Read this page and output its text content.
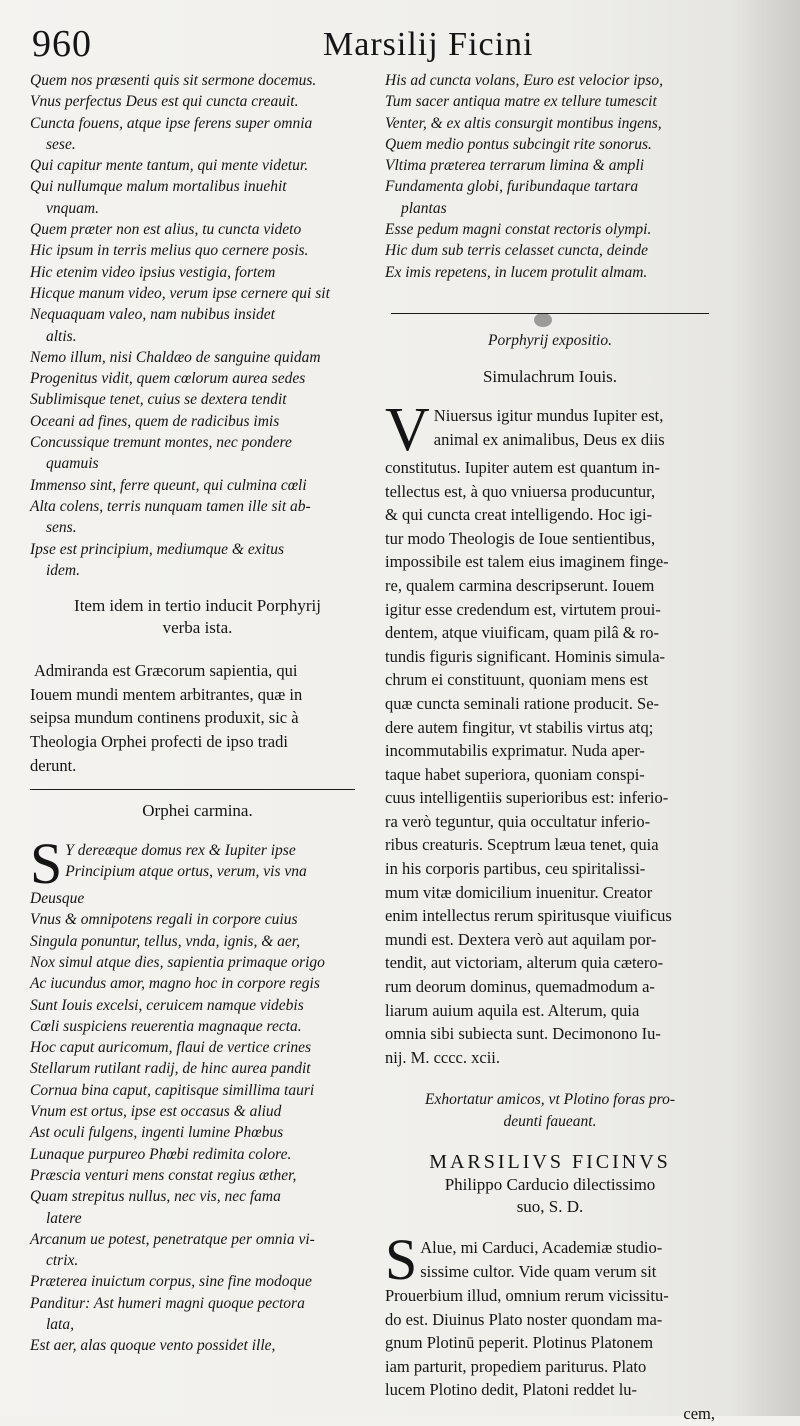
960	Marsilij Ficini
Quem nos præsenti quis sit sermone docemus.
Vnus perfectus Deus est qui cuncta creauit.
Cuncta fouens, atque ipse ferens super omnia
sese.
Qui capitur mente tantum, qui mente videtur.
Qui nullumque malum mortalibus inuehit
vnquam.
Quem præter non est alius, tu cuncta videto
Hic ipsum in terris melius quo cernere posis.
Hic etenim video ipsius vestigia, fortem
Hicque manum video, verum ipse cernere qui sit
Nequaquam valeo, nam nubibus insidet
altis.
Nemo illum, nisi Chaldæo de sanguine quidam
Progenitus vidit, quem cœlorum aurea sedes
Sublimisque tenet, cuius se dextera tendit
Oceani ad fines, quem de radicibus imis
Concussique tremunt montes, nec pondere
quamuis
Immenso sint, ferre queunt, qui culmina cœli
Alta colens, terris nunquam tamen ille sit ab-
sens.
Ipse est principium, mediumque & exitus
idem.
Item idem in tertio inducit Porphyrij
verba ista.
Admiranda est Græcorum sapientia, qui
Iouem mundi mentem arbitrantes, quæ in
seipsa mundum continens produxit, sic à
Theologia Orphei profecti de ipso tradi
derunt.
Orphei carmina.
S Y dereæque domus rex & Iupiter ipse
Principium atque ortus, verum, vis vna
Deusque
Vnus & omnipotens regali in corpore cuius
Singula ponuntur, tellus, vnda, ignis, & aer,
Nox simul atque dies, sapientia primaque origo
Ac iucundus amor, magno hoc in corpore regis
Sunt Iouis excelsi, ceruicem namque videbis
Cœli suspiciens reuerentia magnaque recta.
Hoc caput auricomum, flaui de vertice crines
Stellarum rutilant radij, de hinc aurea pandit
Cornua bina caput, capitisque simillima tauri
Vnum est ortus, ipse est occasus & aliud
Ast oculi fulgens, ingenti lumine Phœbus
Lunaque purpureo Phœbi redimita colore.
Præscia venturi mens constat regius æther,
Quam strepitus nullus, nec vis, nec fama
latere
Arcanum ue potest, penetratque per omnia vi-
ctrix.
Præterea inuictum corpus, sine fine modoque
Panditur: Ast humeri magni quoque pectora
lata,
Est aer, alas quoque vento possidet ille,
His ad cuncta volans, Euro est velocior ipso,
Tum sacer antiqua matre ex tellure tumescit
Venter, & ex altis consurgit montibus ingens,
Quem medio pontus subcingit rite sonorus.
Vltima præterea terrarum limina & ampli
Fundamenta globi, furibundaque tartara
plantas
Esse pedum magni constat rectoris olympi.
Hic dum sub terris celasset cuncta, deinde
Ex imis repetens, in lucem protulit almam.
Porphyrij expositio.
Simulachrum Iouis.
V Niuersus igitur mundus Iupiter est,
animal ex animalibus, Deus ex diis
constitutus. Iupiter autem est quantum in-
tellectus est, à quo vniuersa producuntur,
& qui cuncta creat intelligendo. Hoc igi-
tur modo Theologis de Ioue sentientibus,
impossibile est talem eius imaginem finge-
re, qualem carmina descripserunt. Iouem
igitur esse credendum est, virtutem proui-
dentem, atque viuificam, quam pilâ & ro-
tundis figuris significant. Hominis simula-
chrum ei constituunt, quoniam mens est
quæ cuncta seminali ratione producit. Se-
dere autem fingitur, vt stabilis virtus atq;
incommutabilis exprimatur. Nuda aper-
taque habet superiora, quoniam conspi-
cuus intelligentiis superioribus est: inferio-
ra verò teguntur, quia occultatur inferio-
ribus creaturis. Sceptrum læua tenet, quia
in his corporis partibus, ceu spiritalissi-
mum vitæ domicilium inuenitur. Creator
enim intellectus rerum spiritusque viuificus
mundi est. Dextera verò aut aquilam por-
tendit, aut victoriam, alterum quia cætero-
rum deorum dominus, quemadmodum a-
liarum auium aquila est. Alterum, quia
omnia sibi subiecta sunt. Decimonono Iu-
nij. M. cccc. xcii.
Exhortatur amicos, vt Plotino foras pro-
deunti faueant.
MARSILIVS FICINVS
Philippo Carducio dilectissimo
suo, S. D.
S Alue, mi Carduci, Academiæ studio-
sissime cultor. Vide quam verum sit
Prouerbium illud, omnium rerum vicissitu-
do est. Diuinus Plato noster quondam ma-
gnum Plotinū peperit. Plotinus Platonem
iam parturit, propediem pariturus. Plato
lucem Plotino dedit, Platoni reddet lu-
cem,
